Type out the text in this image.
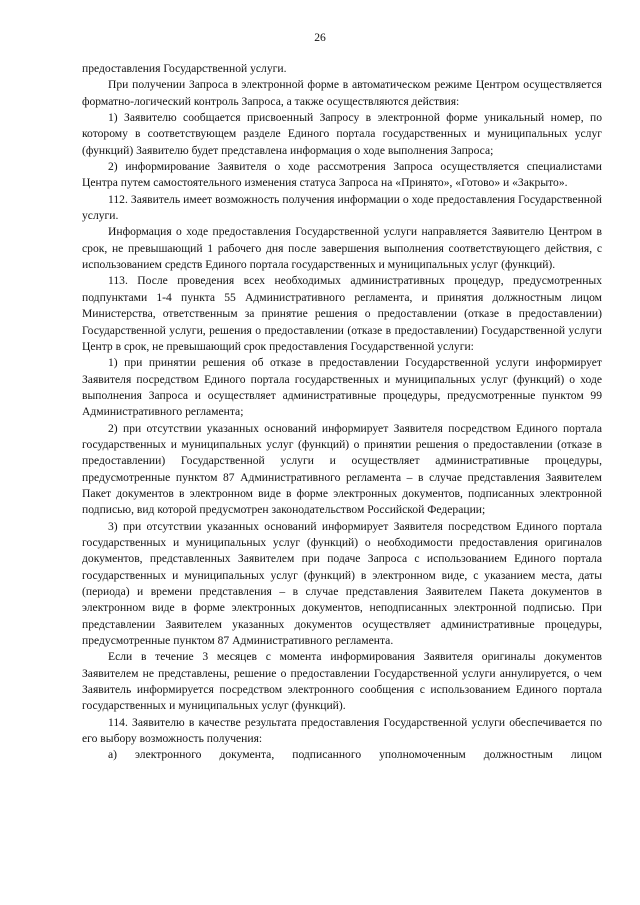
26

предоставления Государственной услуги.

При получении Запроса в электронной форме в автоматическом режиме Центром осуществляется форматно-логический контроль Запроса, а также осуществляются действия:

1) Заявителю сообщается присвоенный Запросу в электронной форме уникальный номер, по которому в соответствующем разделе Единого портала государственных и муниципальных услуг (функций) Заявителю будет представлена информация о ходе выполнения Запроса;

2) информирование Заявителя о ходе рассмотрения Запроса осуществляется специалистами Центра путем самостоятельного изменения статуса Запроса на «Принято», «Готово» и «Закрыто».

112. Заявитель имеет возможность получения информации о ходе предоставления Государственной услуги.

Информация о ходе предоставления Государственной услуги направляется Заявителю Центром в срок, не превышающий 1 рабочего дня после завершения выполнения соответствующего действия, с использованием средств Единого портала государственных и муниципальных услуг (функций).

113. После проведения всех необходимых административных процедур, предусмотренных подпунктами 1-4 пункта 55 Административного регламента, и принятия должностным лицом Министерства, ответственным за принятие решения о предоставлении (отказе в предоставлении) Государственной услуги, решения о предоставлении (отказе в предоставлении) Государственной услуги Центр в срок, не превышающий срок предоставления Государственной услуги:

1) при принятии решения об отказе в предоставлении Государственной услуги информирует Заявителя посредством Единого портала государственных и муниципальных услуг (функций) о ходе выполнения Запроса и осуществляет административные процедуры, предусмотренные пунктом 99 Административного регламента;

2) при отсутствии указанных оснований информирует Заявителя посредством Единого портала государственных и муниципальных услуг (функций) о принятии решения о предоставлении (отказе в предоставлении) Государственной услуги и осуществляет административные процедуры, предусмотренные пунктом 87 Административного регламента – в случае представления Заявителем Пакет документов в электронном виде в форме электронных документов, подписанных электронной подписью, вид которой предусмотрен законодательством Российской Федерации;

3) при отсутствии указанных оснований информирует Заявителя посредством Единого портала государственных и муниципальных услуг (функций) о необходимости предоставления оригиналов документов, представленных Заявителем при подаче Запроса с использованием Единого портала государственных и муниципальных услуг (функций) в электронном виде, с указанием места, даты (периода) и времени представления – в случае представления Заявителем Пакета документов в электронном виде в форме электронных документов, неподписанных электронной подписью. При представлении Заявителем указанных документов осуществляет административные процедуры, предусмотренные пунктом 87 Административного регламента.

Если в течение 3 месяцев с момента информирования Заявителя оригиналы документов Заявителем не представлены, решение о предоставлении Государственной услуги аннулируется, о чем Заявитель информируется посредством электронного сообщения с использованием Единого портала государственных и муниципальных услуг (функций).

114. Заявителю в качестве результата предоставления Государственной услуги обеспечивается по его выбору возможность получения:

а) электронного документа, подписанного уполномоченным должностным лицом
